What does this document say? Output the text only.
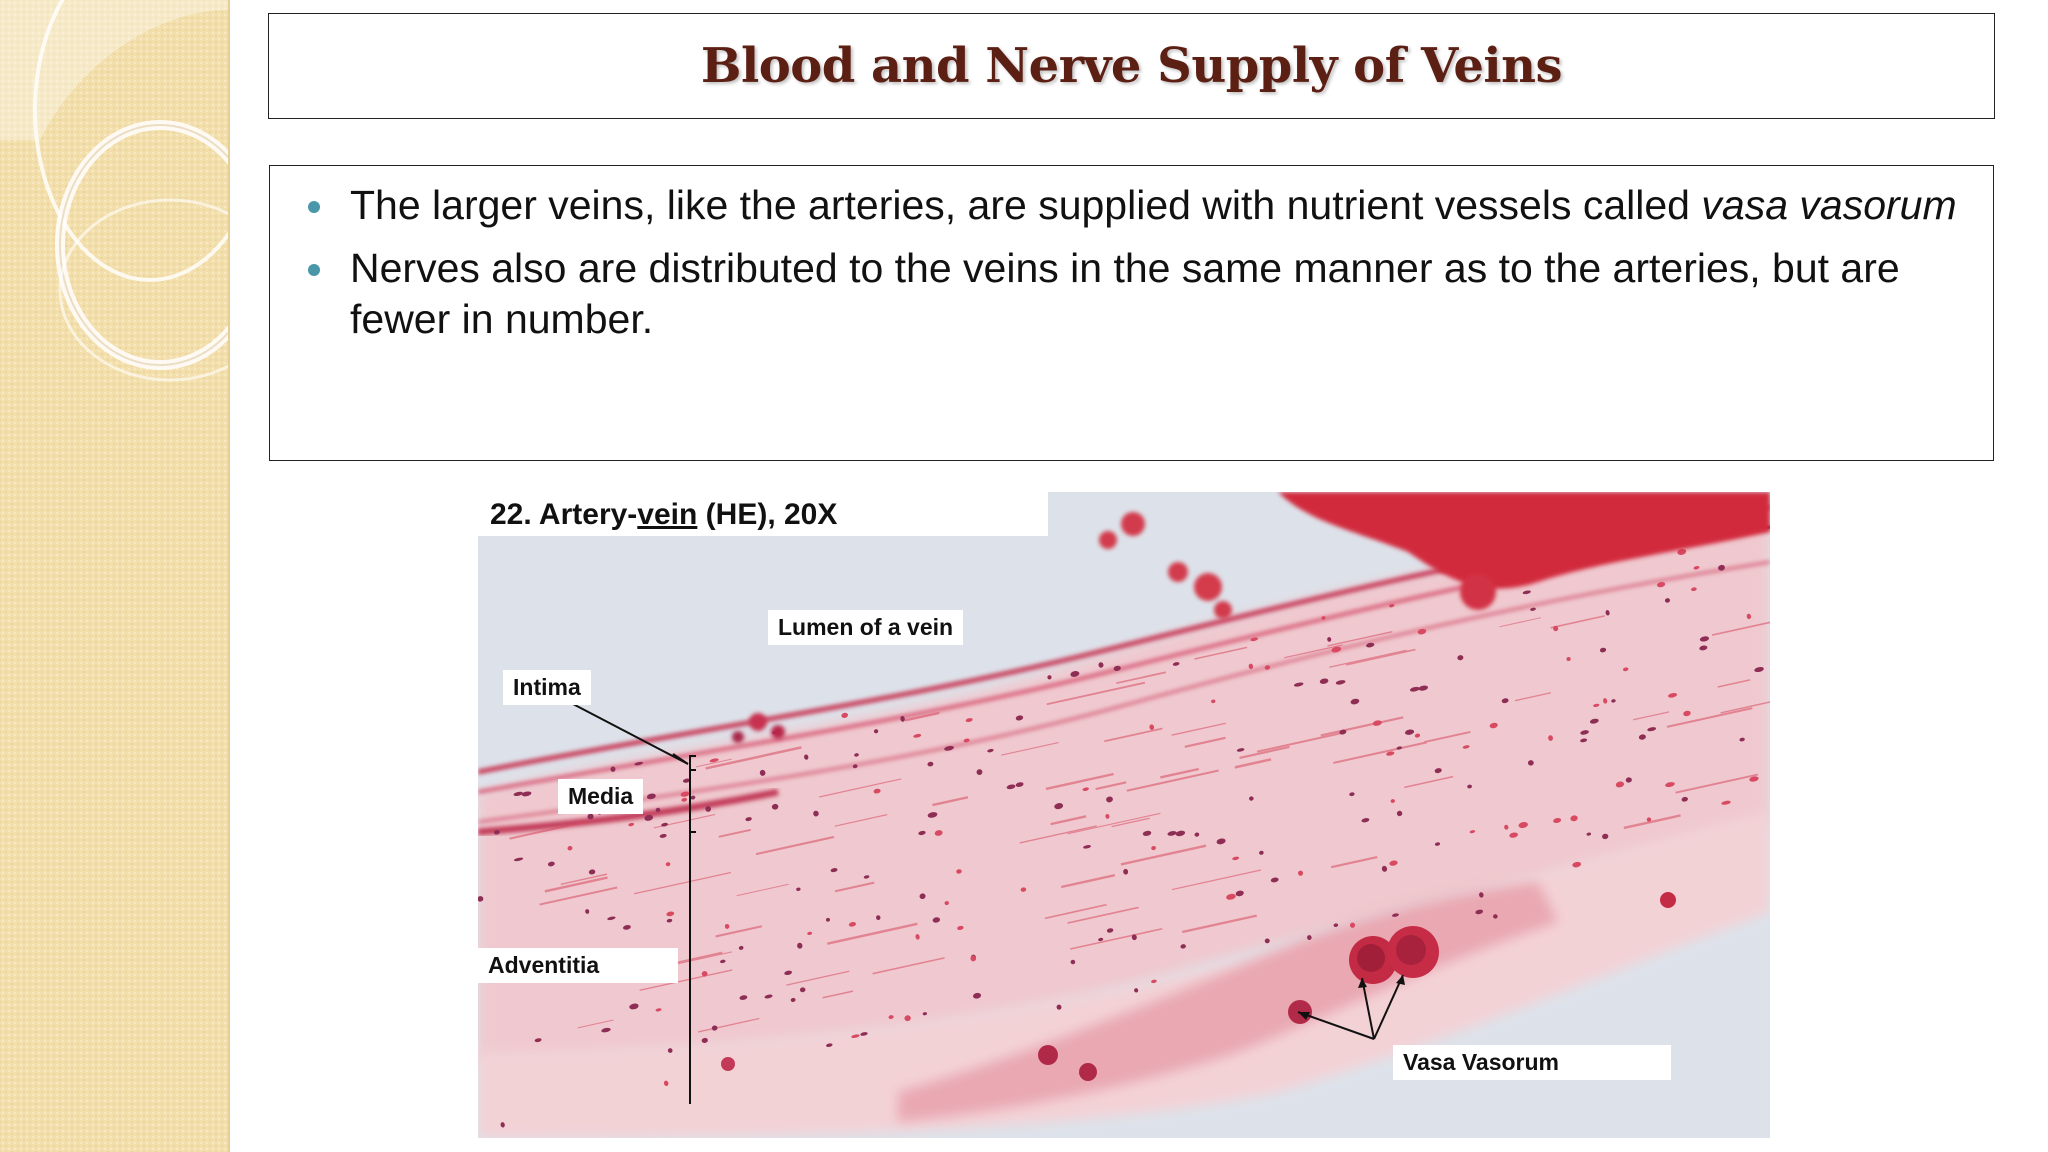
Blood and Nerve Supply of Veins
The larger veins, like the arteries, are supplied with nutrient vessels called vasa vasorum
Nerves also are distributed to the veins in the same manner as to the arteries, but are fewer in number.
22. Artery-vein (HE), 20X
Lumen of a vein
Intima
Media
Adventitia
Vasa Vasorum
